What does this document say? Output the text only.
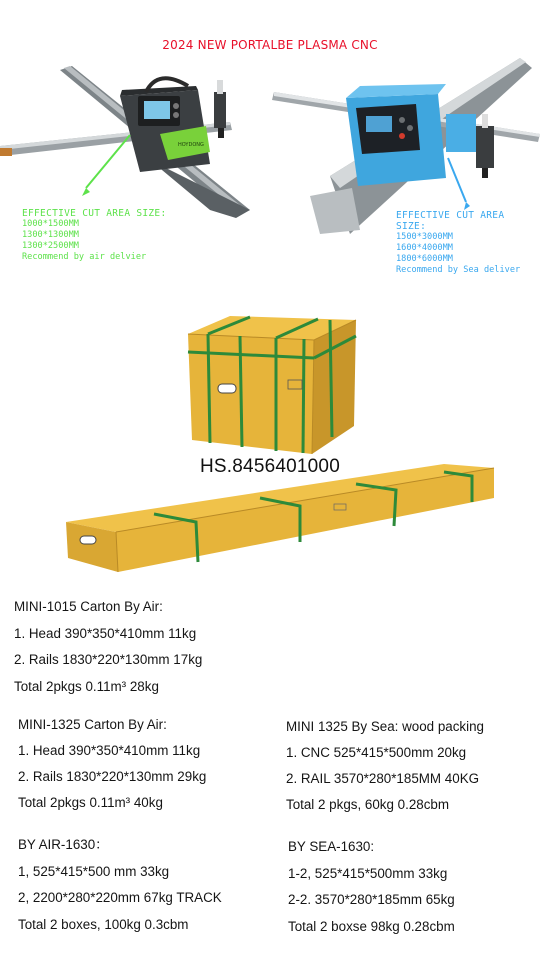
2024 NEW PORTALBE PLASMA CNC
HOYDONG
EFFECTIVE CUT AREA SIZE:
1000*1500MM
1300*1300MM
1300*2500MM
Recommend by air delvier
EFFECTIVE CUT AREA SIZE:
1500*3000MM
1600*4000MM
1800*6000MM
Recommend by Sea deliver
HS.8456401000
MINI-1015 Carton By Air:
1. Head 390*350*410mm 11kg
2. Rails 1830*220*130mm 17kg
Total 2pkgs 0.11m³ 28kg
MINI-1325 Carton By Air:
1. Head 390*350*410mm 11kg
2. Rails 1830*220*130mm 29kg
Total 2pkgs 0.11m³ 40kg
MINI 1325 By Sea: wood packing
1. CNC 525*415*500mm 20kg
2. RAIL 3570*280*185MM 40KG
Total 2 pkgs, 60kg 0.28cbm
BY AIR-1630：
1, 525*415*500 mm 33kg
2, 2200*280*220mm 67kg TRACK
Total 2 boxes, 100kg 0.3cbm
BY SEA-1630:
1-2, 525*415*500mm 33kg
2-2. 3570*280*185mm 65kg
Total 2 boxse 98kg 0.28cbm
